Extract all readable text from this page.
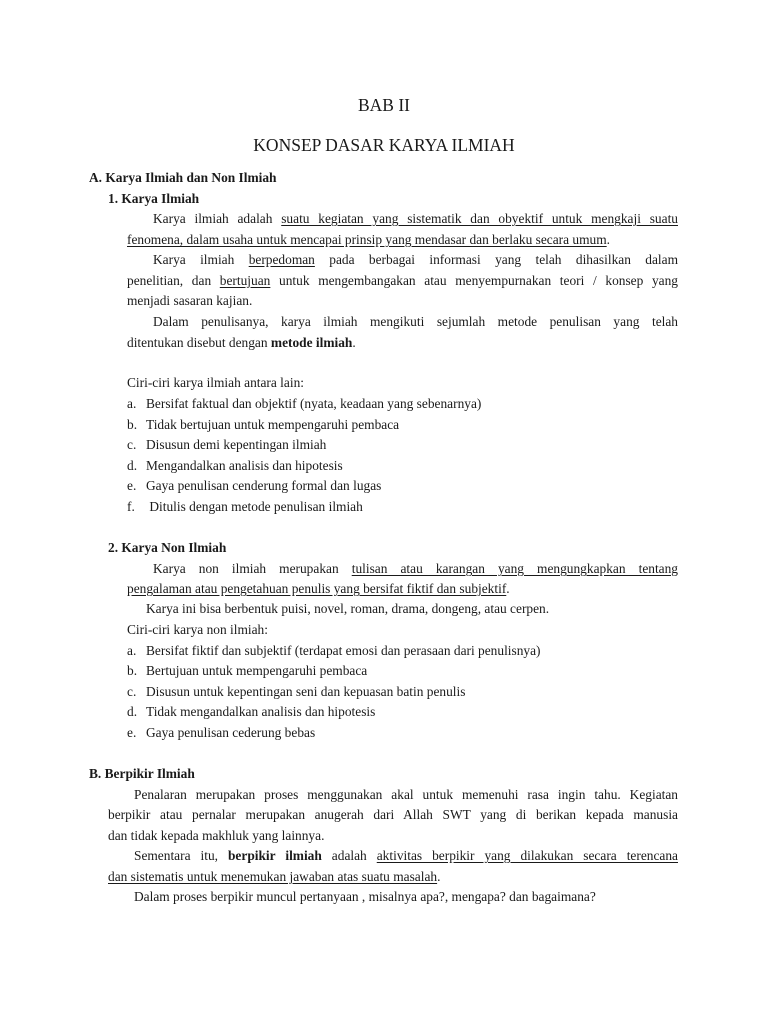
BAB II
KONSEP DASAR KARYA ILMIAH
A. Karya Ilmiah dan Non Ilmiah
1. Karya Ilmiah
Karya ilmiah adalah suatu kegiatan yang sistematik dan obyektif untuk mengkaji suatu
fenomena, dalam usaha untuk mencapai prinsip yang mendasar dan berlaku secara umum.
Karya ilmiah berpedoman pada berbagai informasi yang telah dihasilkan dalam
penelitian, dan bertujuan untuk mengembangakan atau menyempurnakan teori / konsep yang
menjadi sasaran kajian.
Dalam penulisanya, karya ilmiah mengikuti sejumlah metode penulisan yang telah
ditentukan disebut dengan metode ilmiah.
Ciri-ciri karya ilmiah antara lain:
a. Bersifat faktual dan objektif (nyata, keadaan yang sebenarnya)
b. Tidak bertujuan untuk mempengaruhi pembaca
c. Disusun demi kepentingan ilmiah
d. Mengandalkan analisis dan hipotesis
e. Gaya penulisan cenderung formal dan lugas
f. Ditulis dengan metode penulisan ilmiah
2. Karya Non Ilmiah
Karya non ilmiah merupakan tulisan atau karangan yang mengungkapkan tentang
pengalaman atau pengetahuan penulis yang bersifat fiktif dan subjektif.
Karya ini bisa berbentuk puisi, novel, roman, drama, dongeng, atau cerpen.
Ciri-ciri karya non ilmiah:
a. Bersifat fiktif dan subjektif (terdapat emosi dan perasaan dari penulisnya)
b. Bertujuan untuk mempengaruhi pembaca
c. Disusun untuk kepentingan seni dan kepuasan batin penulis
d. Tidak mengandalkan analisis dan hipotesis
e. Gaya penulisan cederung bebas
B. Berpikir Ilmiah
Penalaran merupakan proses menggunakan akal untuk memenuhi rasa ingin tahu. Kegiatan
berpikir atau pernalar merupakan anugerah dari Allah SWT yang di berikan kepada manusia
dan tidak kepada makhluk yang lainnya.
Sementara itu, berpikir ilmiah adalah aktivitas berpikir yang dilakukan secara terencana
dan sistematis untuk menemukan jawaban atas suatu masalah.
Dalam proses berpikir muncul pertanyaan , misalnya apa?, mengapa? dan bagaimana?
